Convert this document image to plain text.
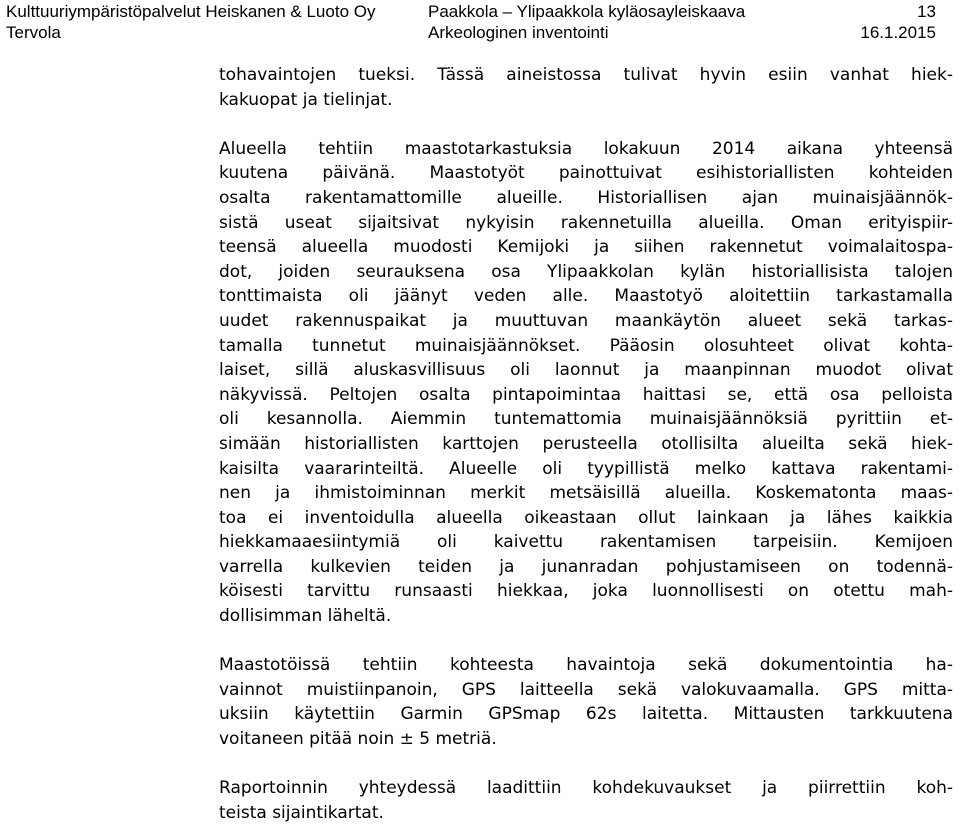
Kulttuuriympäristöpalvelut Heiskanen & Luoto Oy
Tervola
Paakkola – Ylipaakkola kyläosayleiskaava
Arkeologinen inventointi
13
16.1.2015
tohavaintojen tueksi. Tässä aineistossa tulivat hyvin esiin vanhat hiek-
kakuopat ja tielinjat.
Alueella tehtiin maastotarkastuksia lokakuun 2014 aikana yhteensä
kuutena päivänä. Maastotyöt painottuivat esihistoriallisten kohteiden
osalta rakentamattomille alueille. Historiallisen ajan muinaisjäännök-
sistä useat sijaitsivat nykyisin rakennetuilla alueilla. Oman erityispiir-
teensä alueella muodosti Kemijoki ja siihen rakennetut voimalaitospa-
dot, joiden seurauksena osa Ylipaakkolan kylän historiallisista talojen
tonttimaista oli jäänyt veden alle. Maastotyö aloitettiin tarkastamalla
uudet rakennuspaikat ja muuttuvan maankäytön alueet sekä tarkas-
tamalla tunnetut muinaisjäännökset. Pääosin olosuhteet olivat kohta-
laiset, sillä aluskasvillisuus oli laonnut ja maanpinnan muodot olivat
näkyvissä. Peltojen osalta pintapoimintaa haittasi se, että osa pelloista
oli kesannolla. Aiemmin tuntemattomia muinaisjäännöksiä pyrittiin et-
simään historiallisten karttojen perusteella otollisilta alueilta sekä hiek-
kaisilta vaararinteiltä. Alueelle oli tyypillistä melko kattava rakentami-
nen ja ihmistoiminnan merkit metsäisillä alueilla. Koskematonta maas-
toa ei inventoidulla alueella oikeastaan ollut lainkaan ja lähes kaikkia
hiekkamaaesiintymiä oli kaivettu rakentamisen tarpeisiin. Kemijoen
varrella kulkevien teiden ja junanradan pohjustamiseen on todennä-
köisesti tarvittu runsaasti hiekkaa, joka luonnollisesti on otettu mah-
dollisimman läheltä.
Maastotöissä tehtiin kohteesta havaintoja sekä dokumentointia ha-
vainnot muistiinpanoin, GPS laitteella sekä valokuvaamalla. GPS mitta-
uksiin käytettiin Garmin GPSmap 62s laitetta. Mittausten tarkkuutena
voitaneen pitää noin ± 5 metriä.
Raportoinnin yhteydessä laadittiin kohdekuvaukset ja piirrettiin koh-
teista sijaintikartat.
